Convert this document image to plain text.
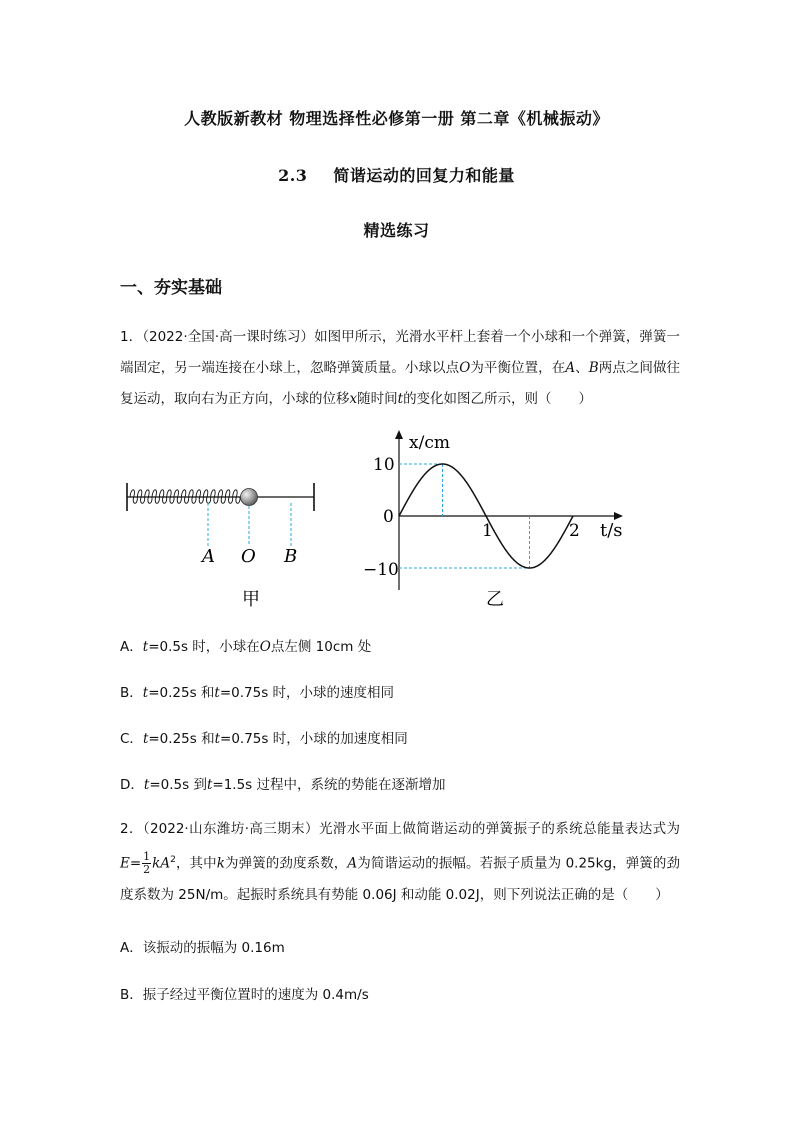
人教版新教材 物理选择性必修第一册 第二章《机械振动》
2.3 简谐运动的回复力和能量
精选练习
一、夯实基础
1．（2022·全国·高一课时练习）如图甲所示，光滑水平杆上套着一个小球和一个弹簧，弹簧一端固定，另一端连接在小球上，忽略弹簧质量。小球以点O为平衡位置，在A、B两点之间做往复运动，取向右为正方向，小球的位移x随时间t的变化如图乙所示，则（　　）
A O B
甲
x/cm
t/s
0
10
−10
1	2
乙
A．t=0.5s 时，小球在O点左侧 10cm 处
B．t=0.25s 和t=0.75s 时，小球的速度相同
C．t=0.25s 和t=0.75s 时，小球的加速度相同
D．t=0.5s 到t=1.5s 过程中，系统的势能在逐渐增加
2．（2022·山东潍坊·高三期末）光滑水平面上做简谐运动的弹簧振子的系统总能量表达式为$E= \frac{1}{2} kA^2$，其中k为弹簧的劲度系数，A为简谐运动的振幅。若振子质量为 0.25kg，弹簧的劲度系数为 25N/m。起振时系统具有势能 0.06J 和动能 0.02J，则下列说法正确的是（　　）
A．该振动的振幅为 0.16m
B．振子经过平衡位置时的速度为 0.4m/s
